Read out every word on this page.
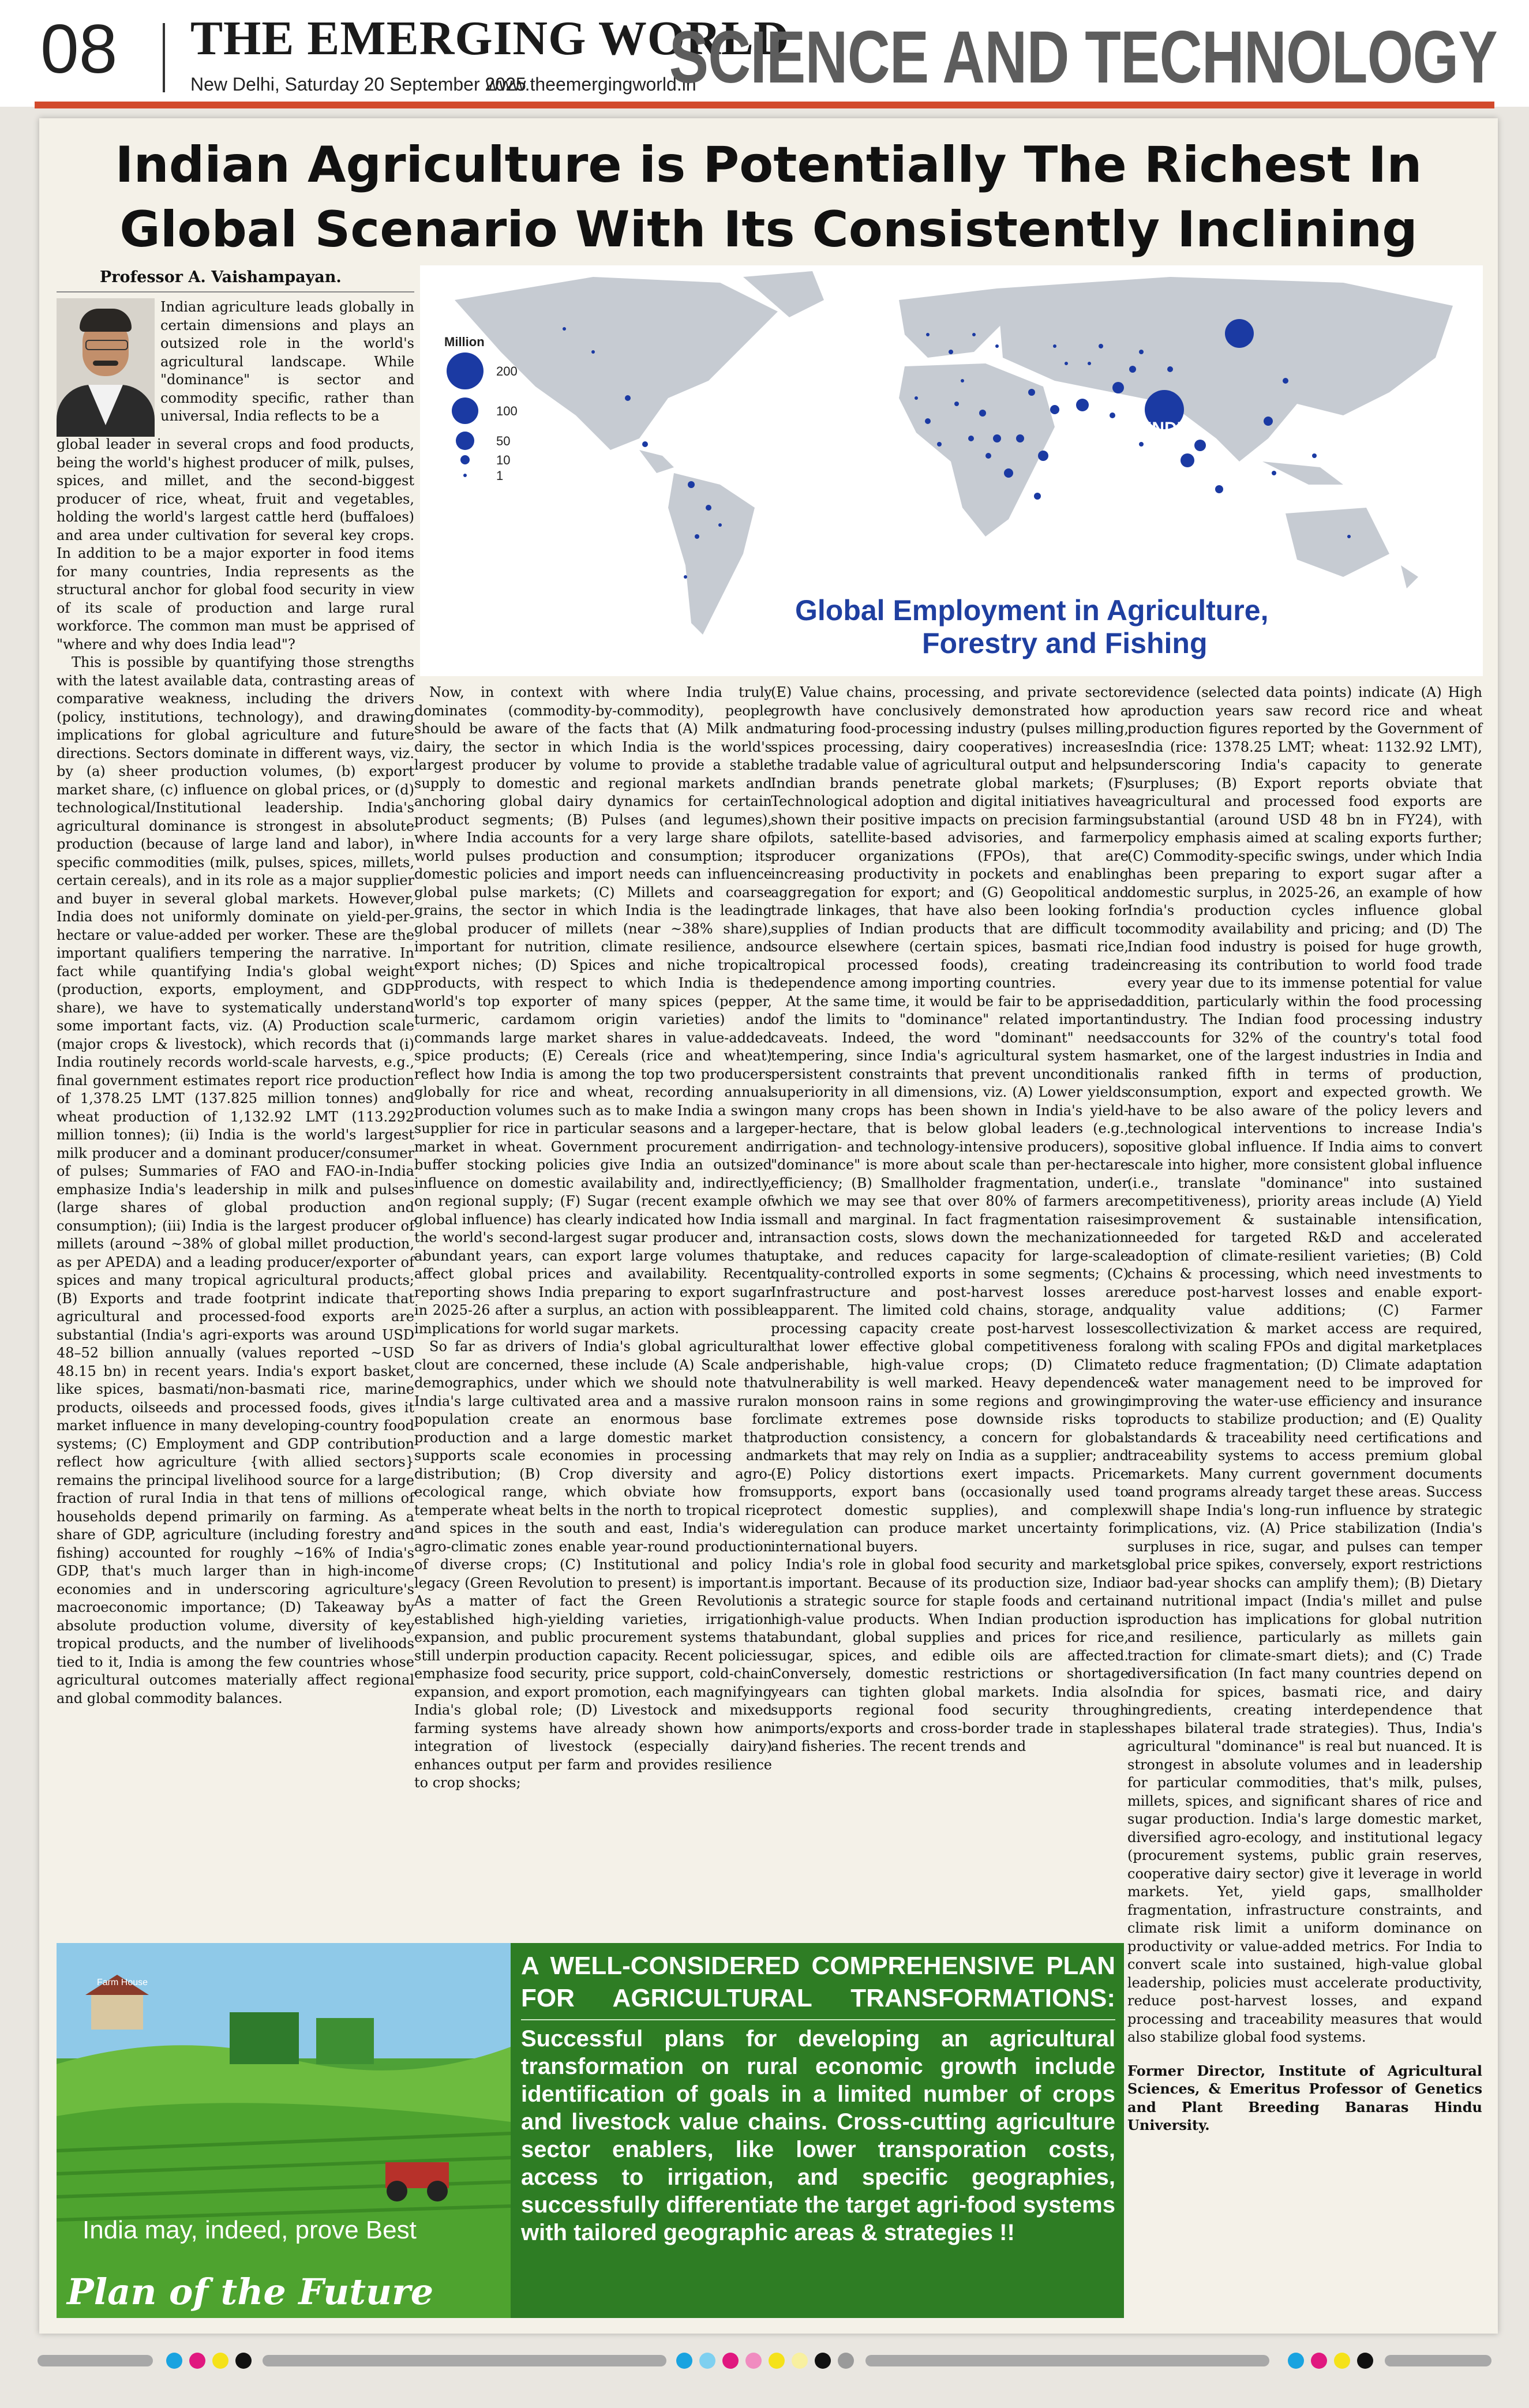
08 THE EMERGING WORLD
New Delhi, Saturday 20 September 2025
www.theemergingworld.in
SCIENCE AND TECHNOLOGY
Indian Agriculture is Potentially The Richest In Global Scenario With Its Consistently Inclining
Professor A. Vaishampayan.

Indian agriculture leads globally in certain dimensions and plays an outsized role in the world's agricultural landscape. While "dominance" is sector and commodity specific, rather than universal, India reflects to be a

global leader in several crops and food products, being the world's highest producer of milk, pulses, spices, and millet, and the second-biggest producer of rice, wheat, fruit and vegetables, holding the world's largest cattle herd (buffaloes) and area under cultivation for several key crops. In addition to be a major exporter in food items for many countries, India represents as the structural anchor for global food security in view of its scale of production and large rural workforce. The common man must be apprised of "where and why does India lead"?

This is possible by quantifying those strengths with the latest available data, contrasting areas of comparative weakness, including the drivers (policy, institutions, technology), and drawing implications for global agriculture and future directions. Sectors dominate in different ways, viz. by (a) sheer production volumes, (b) export market share, (c) influence on global prices, or (d) technological/Institutional leadership. India's agricultural dominance is strongest in absolute production (because of large land and labor), in specific commodities (milk, pulses, spices, millets, certain cereals), and in its role as a major supplier and buyer in several global markets. However, India does not uniformly dominate on yield-per-hectare or value-added per worker. These are the important qualifiers tempering the narrative. In fact while quantifying India's global weight (production, exports, employment, and GDP share), we have to systematically understand some important facts, viz. (A) Production scale (major crops & livestock), which records that (i) India routinely records world-scale harvests, e.g., final government estimates report rice production of 1,378.25 LMT (137.825 million tonnes) and wheat production of 1,132.92 LMT (113.292 million tonnes); (ii) India is the world's largest milk producer and a dominant producer/consumer of pulses; Summaries of FAO and FAO-in-India emphasize India's leadership in milk and pulses (large shares of global production and consumption); (iii) India is the largest producer of millets (around ~38% of global millet production, as per APEDA) and a leading producer/exporter of spices and many tropical agricultural products; (B) Exports and trade footprint indicate that agricultural and processed-food exports are substantial (India's agri-exports was around USD 48–52 billion annually (values reported ~USD 48.15 bn) in recent years. India's export basket, like spices, basmati/non-basmati rice, marine products, oilseeds and processed foods, gives it market influence in many developing-country food systems; (C) Employment and GDP contribution reflect how agriculture {with allied sectors} remains the principal livelihood source for a large fraction of rural India in that tens of millions of households depend primarily on farming. As a share of GDP, agriculture (including forestry and fishing) accounted for roughly ~16% of India's GDP, that's much larger than in high-income economies and in underscoring agriculture's macroeconomic importance; (D) Takeaway by absolute production volume, diversity of key tropical products, and the number of livelihoods tied to it, India is among the few countries whose agricultural outcomes materially affect regional and global commodity balances.

Now, in context with where India truly dominates (commodity-by-commodity), people should be aware of the facts that (A) Milk and dairy, the sector in which India is the world's largest producer by volume to provide a stable supply to domestic and regional markets and anchoring global dairy dynamics for certain product segments; (B) Pulses (and legumes), where India accounts for a very large share of world pulses production and consumption; its domestic policies and import needs can influence global pulse markets; (C) Millets and coarse grains, the sector in which India is the leading global producer of millets (near ~38% share), important for nutrition, climate resilience, and export niches; (D) Spices and niche tropical products, with respect to which India is the world's top exporter of many spices (pepper, turmeric, cardamom origin varieties) and commands large market shares in value-added spice products; (E) Cereals (rice and wheat) reflect how India is among the top two producers globally for rice and wheat, recording annual production volumes such as to make India a swing supplier for rice in particular seasons and a large market in wheat. Government procurement and buffer stocking policies give India an outsized influence on domestic availability and, indirectly, on regional supply; (F) Sugar (recent example of global influence) has clearly indicated how India is the world's second-largest sugar producer and, in abundant years, can export large volumes that affect global prices and availability. Recent reporting shows India preparing to export sugar in 2025-26 after a surplus, an action with possible implications for world sugar markets.

So far as drivers of India's global agricultural clout are concerned, these include (A) Scale and demographics, under which we should note that India's large cultivated area and a massive rural population create an enormous base for production and a large domestic market that supports scale economies in processing and distribution; (B) Crop diversity and agro-ecological range, which obviate how from temperate wheat belts in the north to tropical rice and spices in the south and east, India's wide agro-climatic zones enable year-round production of diverse crops; (C) Institutional and policy legacy (Green Revolution to present) is important. As a matter of fact the Green Revolution established high-yielding varieties, irrigation expansion, and public procurement systems that still underpin production capacity. Recent policies emphasize food security, price support, cold-chain expansion, and export promotion, each magnifying India's global role; (D) Livestock and mixed farming systems have already shown how an integration of livestock (especially dairy) enhances output per farm and provides resilience to crop shocks;

(E) Value chains, processing, and private sector growth have conclusively demonstrated how a maturing food-processing industry (pulses milling, spices processing, dairy cooperatives) increases the tradable value of agricultural output and helps Indian brands penetrate global markets; (F) Technological adoption and digital initiatives have shown their positive impacts on precision farming pilots, satellite-based advisories, and farmer producer organizations (FPOs), that are increasing productivity in pockets and enabling aggregation for export; and (G) Geopolitical and trade linkages, that have also been looking for supplies of Indian products that are difficult to source elsewhere (certain spices, basmati rice, tropical processed foods), creating trade dependence among importing countries.

At the same time, it would be fair to be apprised of the limits to "dominance" related important caveats. Indeed, the word "dominant" needs tempering, since India's agricultural system has persistent constraints that prevent unconditional superiority in all dimensions, viz. (A) Lower yields on many crops has been shown in India's yield-per-hectare, that is below global leaders (e.g., irrigation- and technology-intensive producers), so "dominance" is more about scale than per-hectare efficiency; (B) Smallholder fragmentation, under which we may see that over 80% of farmers are small and marginal. In fact fragmentation raises transaction costs, slows down the mechanization uptake, and reduces capacity for large-scale quality-controlled exports in some segments; (C) Infrastructure and post-harvest losses are apparent. The limited cold chains, storage, and processing capacity create post-harvest losses that lower effective global competitiveness for perishable, high-value crops; (D) Climate vulnerability is well marked. Heavy dependence on monsoon rains in some regions and growing climate extremes pose downside risks to production consistency, a concern for global markets that may rely on India as a supplier; and (E) Policy distortions exert impacts. Price supports, export bans (occasionally used to protect domestic supplies), and complex regulation can produce market uncertainty for international buyers.

India's role in global food security and markets is important. Because of its production size, India is a strategic source for staple foods and certain high-value products. When Indian production is abundant, global supplies and prices for rice, sugar, spices, and edible oils are affected. Conversely, domestic restrictions or shortage years can tighten global markets. India also supports regional food security through imports/exports and cross-border trade in staples and fisheries. The recent trends and

evidence (selected data points) indicate (A) High production years saw record rice and wheat production figures reported by the Government of India (rice: 1378.25 LMT; wheat: 1132.92 LMT), underscoring India's capacity to generate surpluses; (B) Export reports obviate that agricultural and processed food exports are substantial (around USD 48 bn in FY24), with policy emphasis aimed at scaling exports further; (C) Commodity-specific swings, under which India has been preparing to export sugar after a domestic surplus, in 2025-26, an example of how India's production cycles influence global commodity availability and pricing; and (D) The Indian food industry is poised for huge growth, increasing its contribution to world food trade every year due to its immense potential for value addition, particularly within the food processing industry. The Indian food processing industry accounts for 32% of the country's total food market, one of the largest industries in India and is ranked fifth in terms of production, consumption, export and expected growth. We have to be also aware of the policy levers and technological interventions to increase India's positive global influence. If India aims to convert scale into higher, more consistent global influence (i.e., translate "dominance" into sustained competitiveness), priority areas include (A) Yield improvement & sustainable intensification, needed for targeted R&D and accelerated adoption of climate-resilient varieties; (B) Cold chains & processing, which need investments to reduce post-harvest losses and enable export-quality value additions; (C) Farmer collectivization & market access are required, along with scaling FPOs and digital marketplaces to reduce fragmentation; (D) Climate adaptation & water management need to be improved for improving the water-use efficiency and insurance products to stabilize production; and (E) Quality standards & traceability need certifications and traceability systems to access premium global markets. Many current government documents and programs already target these areas. Success will shape India's long-run influence by strategic implications, viz. (A) Price stabilization (India's surpluses in rice, sugar, and pulses can temper global price spikes, conversely, export restrictions or bad-year shocks can amplify them); (B) Dietary and nutritional impact (India's millet and pulse production has implications for global nutrition and resilience, particularly as millets gain traction for climate-smart diets); and (C) Trade diversification (In fact many countries depend on India for spices, basmati rice, and dairy ingredients, creating interdependence that shapes bilateral trade strategies). Thus, India's agricultural "dominance" is real but nuanced. It is strongest in absolute volumes and in leadership for particular commodities, that's milk, pulses, millets, spices, and significant shares of rice and sugar production. India's large domestic market, diversified agro-ecology, and institutional legacy (procurement systems, public grain reserves, cooperative dairy sector) give it leverage in world markets. Yet, yield gaps, smallholder fragmentation, infrastructure constraints, and climate risk limit a uniform dominance on productivity or value-added metrics. For India to convert scale into sustained, high-value global leadership, policies must accelerate productivity, reduce post-harvest losses, and expand processing and traceability measures that would also stabilize global food systems.

Former Director, Institute of Agricultural Sciences, & Emeritus Professor of Genetics and Plant Breeding Banaras Hindu University.

Million
200
100
50
10
1
INDIA
Global Employment in Agriculture,
Forestry and Fishing
Farm House
A WELL-CONSIDERED COMPREHENSIVE PLAN FOR AGRICULTURAL TRANSFORMATIONS:
Successful plans for developing an agricultural transformation on rural economic growth include identification of goals in a limited number of crops and livestock value chains. Cross-cutting agriculture sector enablers, like lower transporation costs, access to irrigation, and specific geographies, successfully differentiate the target agri-food systems with tailored geographic areas & strategies !!
India may, indeed, prove Best
Plan of the Future
